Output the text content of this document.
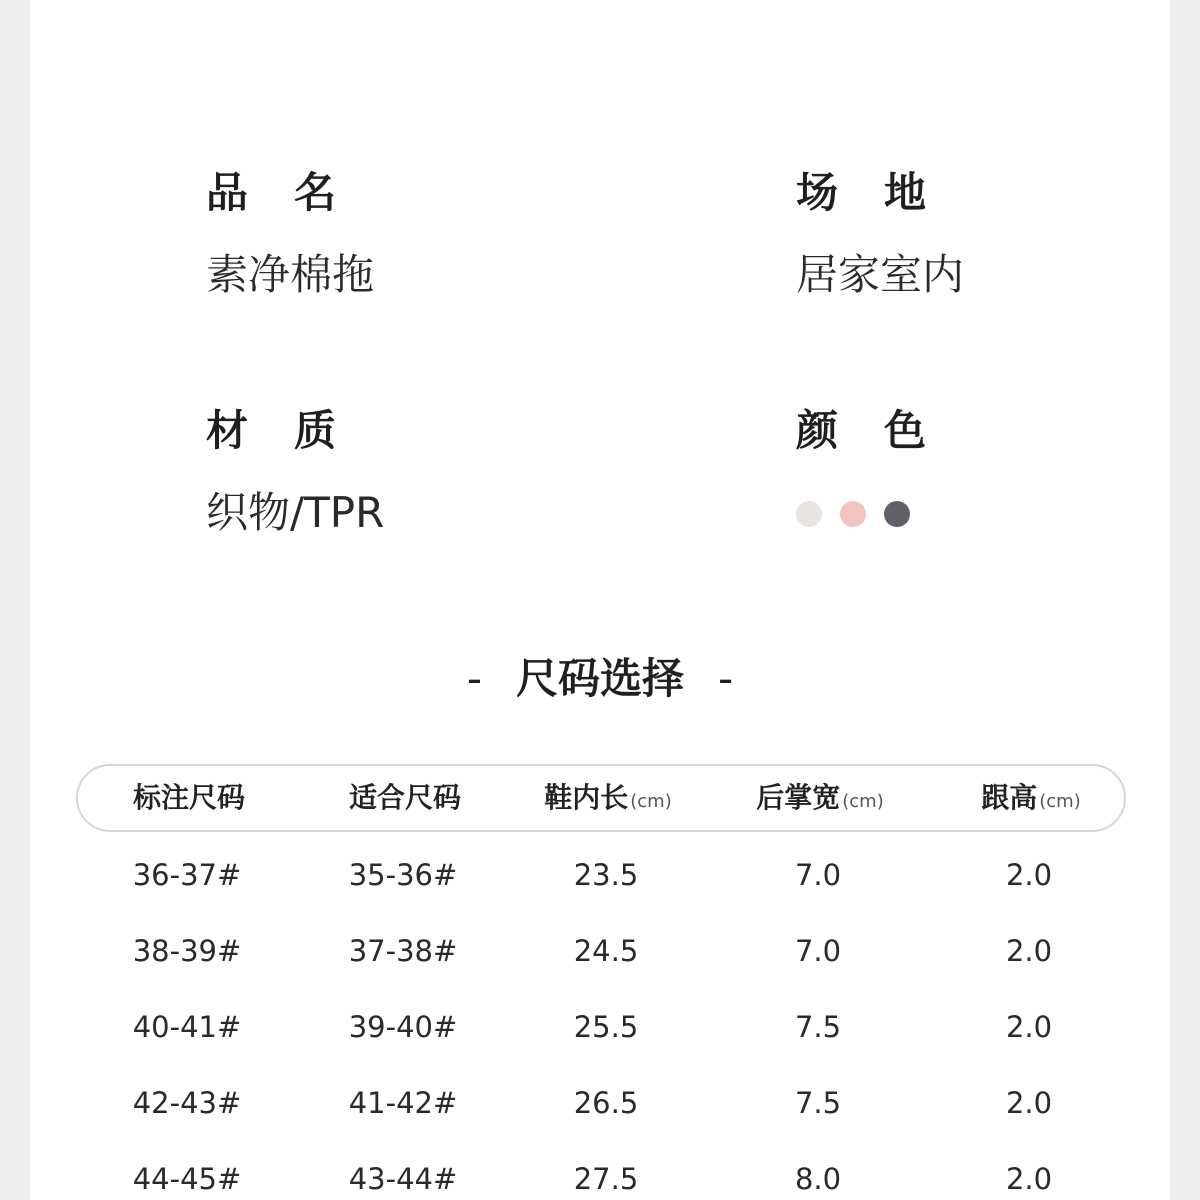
品名
素净棉拖
场地
居家室内
材质
织物/TPR
颜色
- 尺码选择 -
标注尺码	适合尺码	鞋内长 (cm)	后掌宽 (cm)	跟高 (cm)
36-37#	35-36#	23.5	7.0	2.0
38-39#	37-38#	24.5	7.0	2.0
40-41#	39-40#	25.5	7.5	2.0
42-43#	41-42#	26.5	7.5	2.0
44-45#	43-44#	27.5	8.0	2.0
